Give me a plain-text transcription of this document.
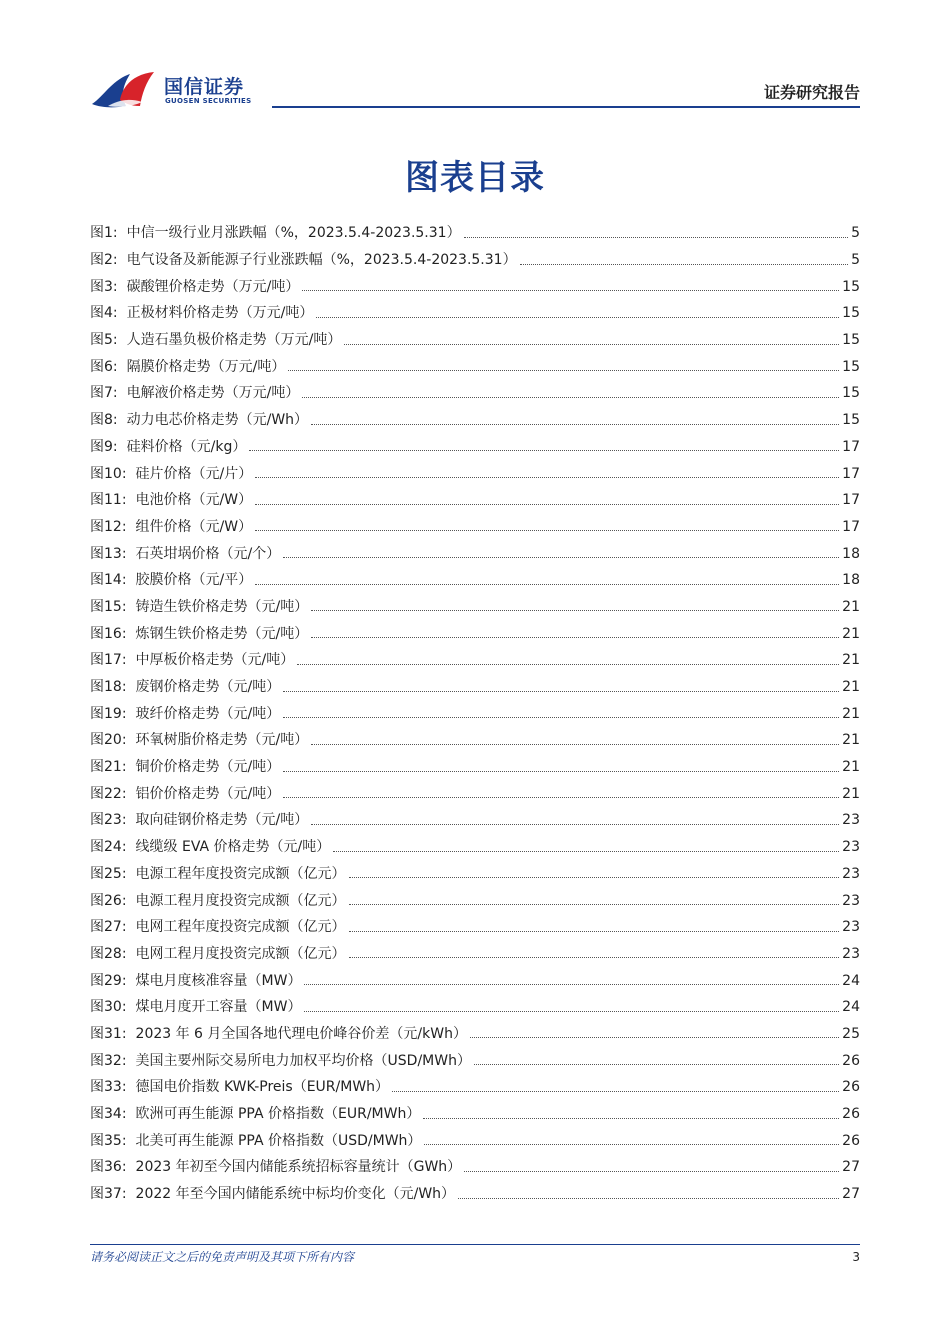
国信证券
GUOSEN SECURITIES	证券研究报告
图表目录
图1: 中信一级行业月涨跌幅（%，2023.5.4-2023.5.31）	5
图2: 电气设备及新能源子行业涨跌幅（%，2023.5.4-2023.5.31）	5
图3: 碳酸锂价格走势（万元/吨）	15
图4: 正极材料价格走势（万元/吨）	15
图5: 人造石墨负极价格走势（万元/吨）	15
图6: 隔膜价格走势（万元/吨）	15
图7: 电解液价格走势（万元/吨）	15
图8: 动力电芯价格走势（元/Wh）	15
图9: 硅料价格（元/kg）	17
图10: 硅片价格（元/片）	17
图11: 电池价格（元/W）	17
图12: 组件价格（元/W）	17
图13: 石英坩埚价格（元/个）	18
图14: 胶膜价格（元/平）	18
图15: 铸造生铁价格走势（元/吨）	21
图16: 炼钢生铁价格走势（元/吨）	21
图17: 中厚板价格走势（元/吨）	21
图18: 废钢价格走势（元/吨）	21
图19: 玻纤价格走势（元/吨）	21
图20: 环氧树脂价格走势（元/吨）	21
图21: 铜价价格走势（元/吨）	21
图22: 铝价价格走势（元/吨）	21
图23: 取向硅钢价格走势（元/吨）	23
图24: 线缆级 EVA 价格走势（元/吨）	23
图25: 电源工程年度投资完成额（亿元）	23
图26: 电源工程月度投资完成额（亿元）	23
图27: 电网工程年度投资完成额（亿元）	23
图28: 电网工程月度投资完成额（亿元）	23
图29: 煤电月度核准容量（MW）	24
图30: 煤电月度开工容量（MW）	24
图31: 2023 年 6 月全国各地代理电价峰谷价差（元/kWh）	25
图32: 美国主要州际交易所电力加权平均价格（USD/MWh）	26
图33: 德国电价指数 KWK-Preis（EUR/MWh）	26
图34: 欧洲可再生能源 PPA 价格指数（EUR/MWh）	26
图35: 北美可再生能源 PPA 价格指数（USD/MWh）	26
图36: 2023 年初至今国内储能系统招标容量统计（GWh）	27
图37: 2022 年至今国内储能系统中标均价变化（元/Wh）	27
请务必阅读正文之后的免责声明及其项下所有内容	3
